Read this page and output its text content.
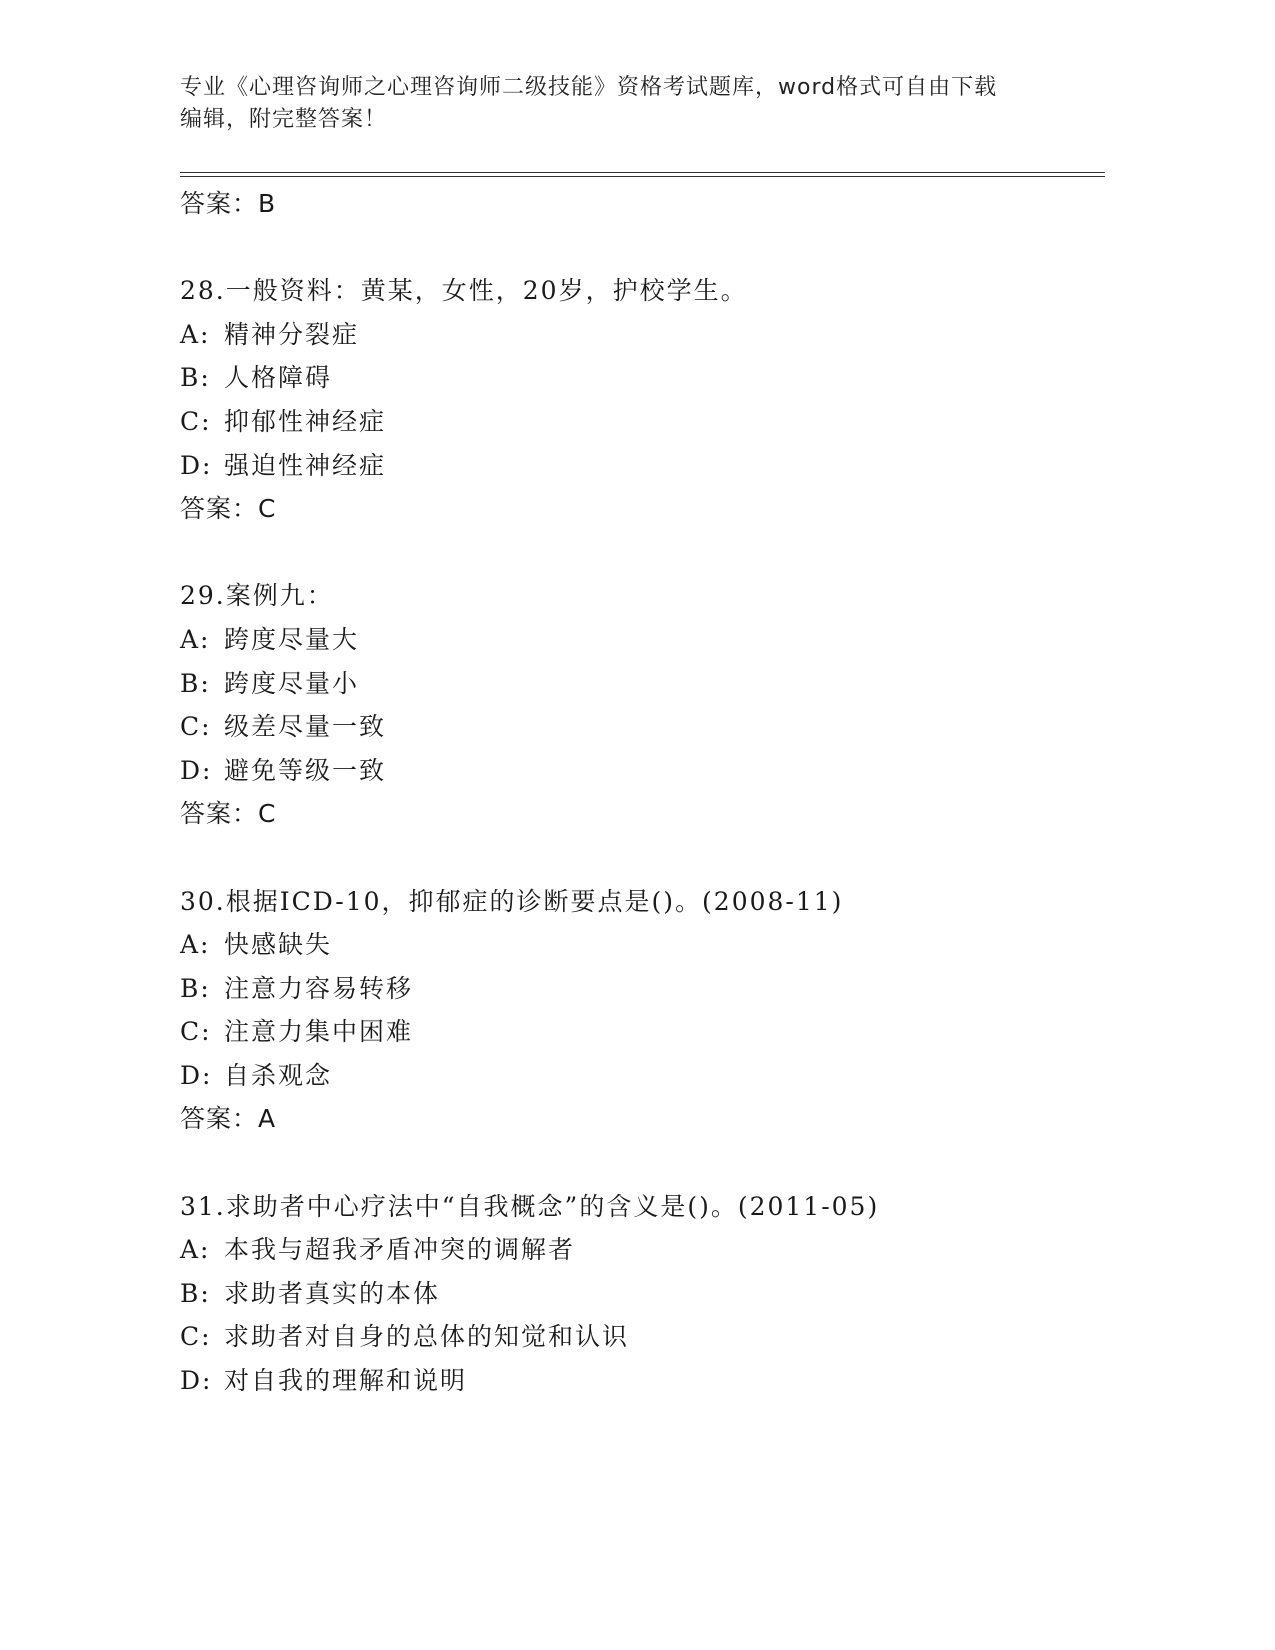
专业《心理咨询师之心理咨询师二级技能》资格考试题库，word格式可自由下载
编辑，附完整答案！
答案：B
28.一般资料：黄某，女性，20岁，护校学生。
A: 精神分裂症
B: 人格障碍
C: 抑郁性神经症
D: 强迫性神经症
答案：C
29.案例九：
A: 跨度尽量大
B: 跨度尽量小
C: 级差尽量一致
D: 避免等级一致
答案：C
30.根据ICD-10，抑郁症的诊断要点是()。(2008-11)
A: 快感缺失
B: 注意力容易转移
C: 注意力集中困难
D: 自杀观念
答案：A
31.求助者中心疗法中“自我概念”的含义是()。(2011-05)
A: 本我与超我矛盾冲突的调解者
B: 求助者真实的本体
C: 求助者对自身的总体的知觉和认识
D: 对自我的理解和说明
